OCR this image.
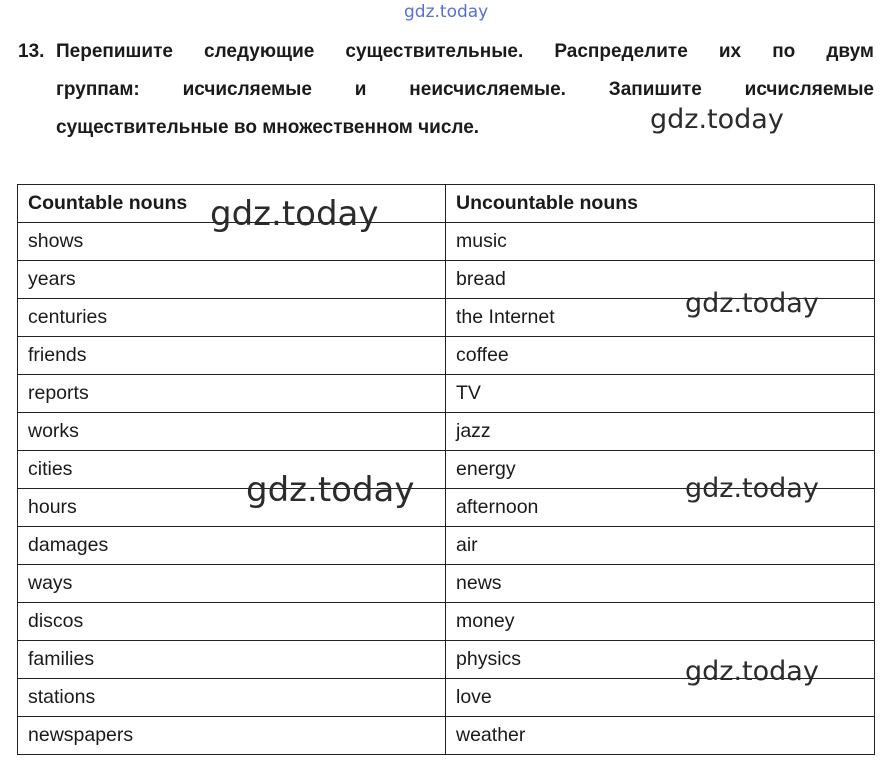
gdz.today
13. Перепишите следующие существительные. Распределите их по двум
группам: исчисляемые и неисчисляемые. Запишите исчисляемые
существительные во множественном числе.
Countable nouns	Uncountable nouns
shows	music
years	bread
centuries	the Internet
friends	coffee
reports	TV
works	jazz
cities	energy
hours	afternoon
damages	air
ways	news
discos	money
families	physics
stations	love
newspapers	weather
gdz.today
gdz.today
gdz.today
gdz.today	gdz.today
gdz.today
